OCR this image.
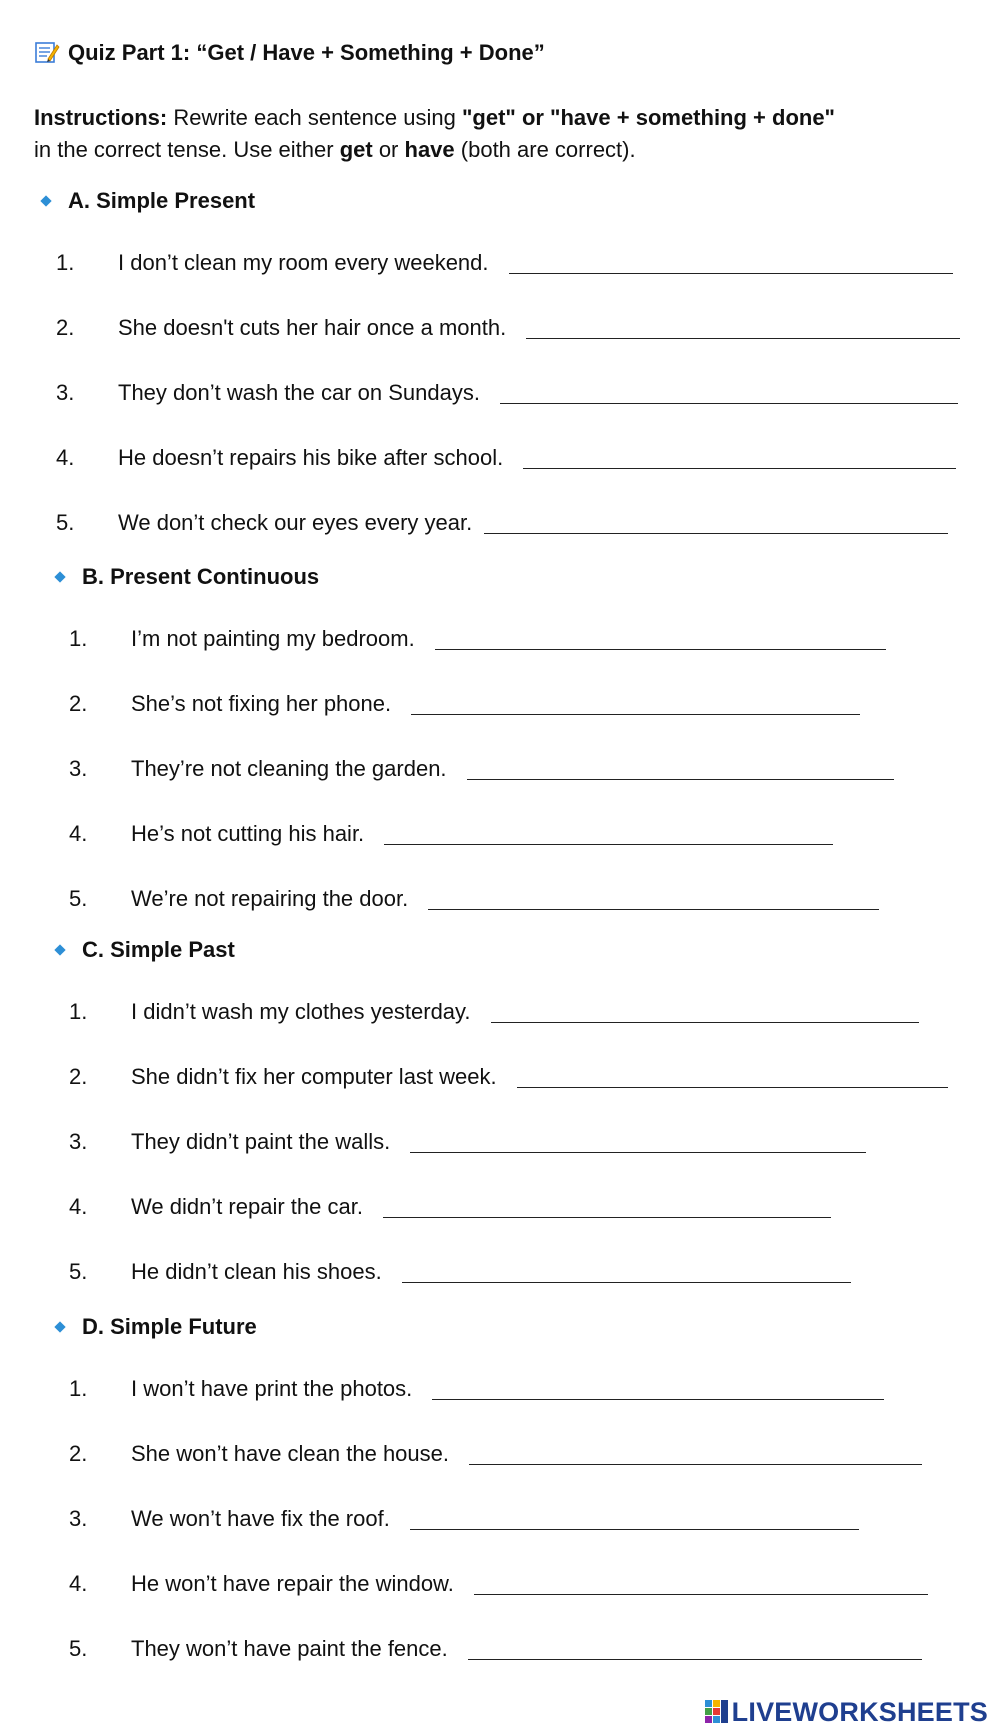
Quiz Part 1: “Get / Have + Something + Done”
Instructions: Rewrite each sentence using "get" or "have + something + done"
in the correct tense. Use either get or have (both are correct).
A. Simple Present
1. I don’t clean my room every weekend.
2. She doesn't cuts her hair once a month.
3. They don’t wash the car on Sundays.
4. He doesn’t repairs his bike after school.
5. We don’t check our eyes every year.
B. Present Continuous
1. I’m not painting my bedroom.
2. She’s not fixing her phone.
3. They’re not cleaning the garden.
4. He’s not cutting his hair.
5. We’re not repairing the door.
C. Simple Past
1. I didn’t wash my clothes yesterday.
2. She didn’t fix her computer last week.
3. They didn’t paint the walls.
4. We didn’t repair the car.
5. He didn’t clean his shoes.
D. Simple Future
1. I won’t have print the photos.
2. She won’t have clean the house.
3. We won’t have fix the roof.
4. He won’t have repair the window.
5. They won’t have paint the fence.
LIVEWORKSHEETS
